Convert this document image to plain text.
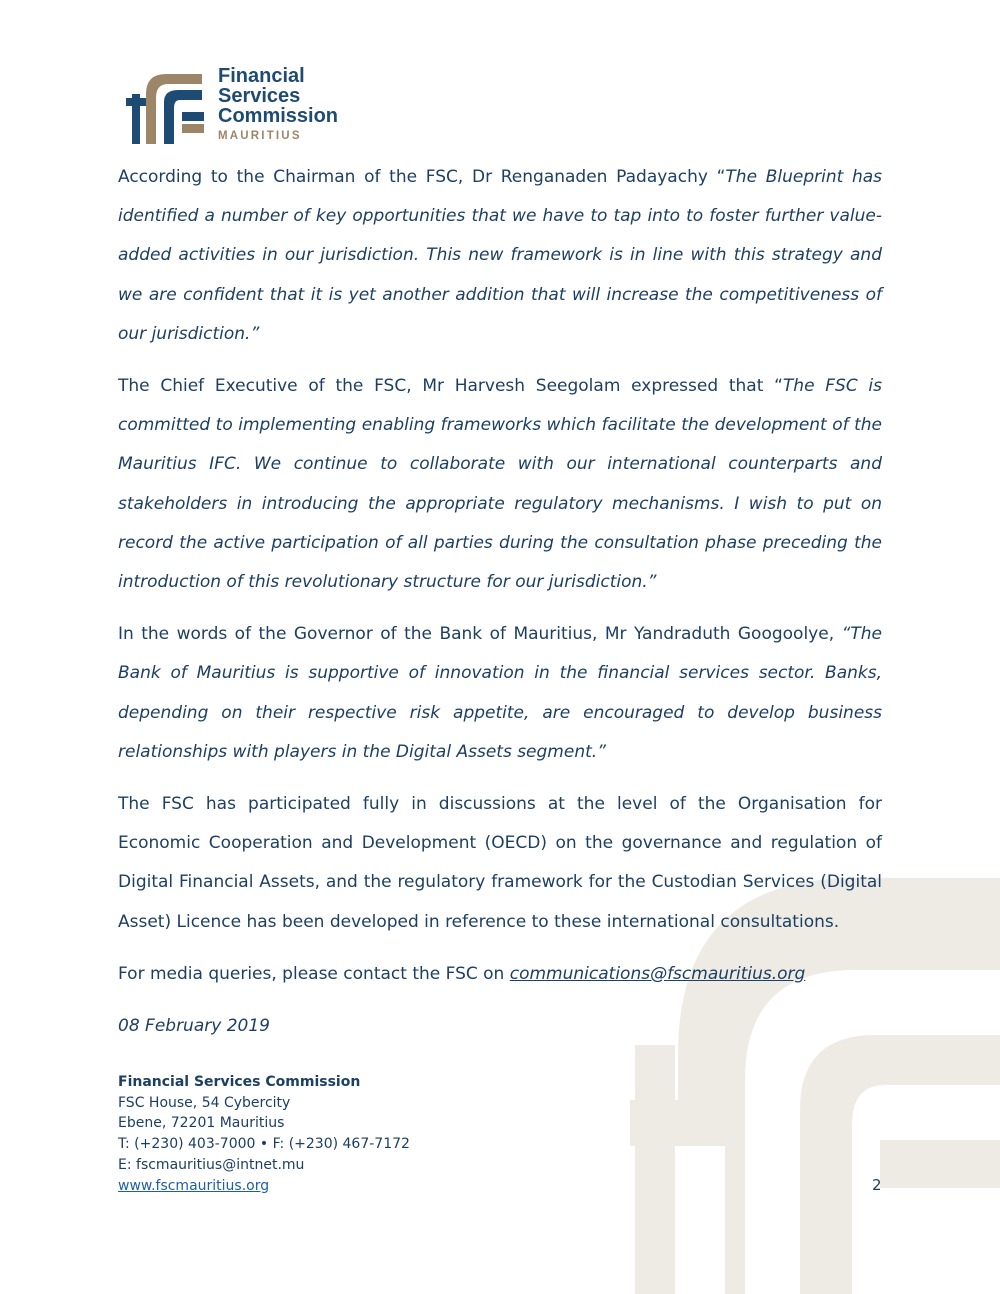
Financial
Services
Commission
MAURITIUS

According to the Chairman of the FSC, Dr Renganaden Padayachy “The Blueprint has identified a number of key opportunities that we have to tap into to foster further value-added activities in our jurisdiction. This new framework is in line with this strategy and we are confident that it is yet another addition that will increase the competitiveness of our jurisdiction.”

The Chief Executive of the FSC, Mr Harvesh Seegolam expressed that “The FSC is committed to implementing enabling frameworks which facilitate the development of the Mauritius IFC. We continue to collaborate with our international counterparts and stakeholders in introducing the appropriate regulatory mechanisms. I wish to put on record the active participation of all parties during the consultation phase preceding the introduction of this revolutionary structure for our jurisdiction.”

In the words of the Governor of the Bank of Mauritius, Mr Yandraduth Googoolye, “The Bank of Mauritius is supportive of innovation in the financial services sector. Banks, depending on their respective risk appetite, are encouraged to develop business relationships with players in the Digital Assets segment.”

The FSC has participated fully in discussions at the level of the Organisation for Economic Cooperation and Development (OECD) on the governance and regulation of Digital Financial Assets, and the regulatory framework for the Custodian Services (Digital Asset) Licence has been developed in reference to these international consultations.

For media queries, please contact the FSC on communications@fscmauritius.org

08 February 2019

Financial Services Commission
FSC House, 54 Cybercity
Ebene, 72201 Mauritius
T: (+230) 403-7000 • F: (+230) 467-7172
E: fscmauritius@intnet.mu
www.fscmauritius.org	2
